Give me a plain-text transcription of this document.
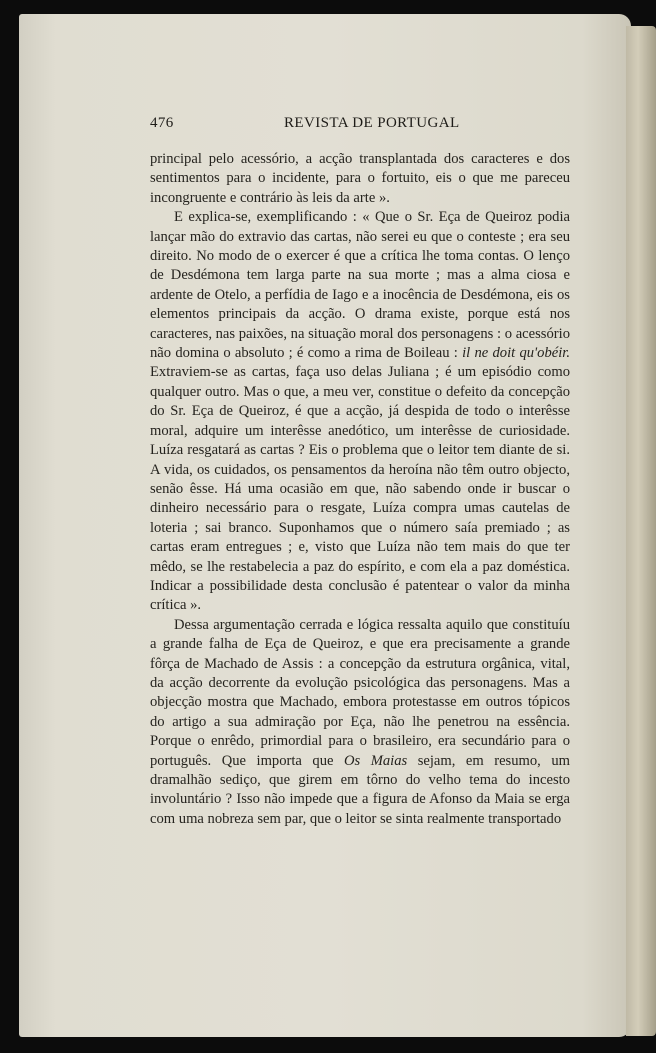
476	REVISTA DE PORTUGAL

principal pelo acessório, a acção transplantada dos caracteres e dos sentimentos para o incidente, para o fortuito, eis o que me pareceu incongruente e contrário às leis da arte ».

E explica-se, exemplificando : « Que o Sr. Eça de Queiroz podia lançar mão do extravio das cartas, não serei eu que o conteste ; era seu direito. No modo de o exercer é que a crítica lhe toma contas. O lenço de Desdémona tem larga parte na sua morte ; mas a alma ciosa e ardente de Otelo, a perfídia de Iago e a inocência de Desdémona, eis os elementos principais da acção. O drama existe, porque está nos caracteres, nas paixões, na situação moral dos personagens : o acessório não domina o absoluto ; é como a rima de Boileau : il ne doit qu'obéir. Extraviem-se as cartas, faça uso delas Juliana ; é um episódio como qualquer outro. Mas o que, a meu ver, constitue o defeito da concepção do Sr. Eça de Queiroz, é que a acção, já despida de todo o interêsse moral, adquire um interêsse anedótico, um interêsse de curiosidade. Luíza resgatará as cartas ? Eis o problema que o leitor tem diante de si. A vida, os cuidados, os pensamentos da heroína não têm outro objecto, senão êsse. Há uma ocasião em que, não sabendo onde ir buscar o dinheiro necessário para o resgate, Luíza compra umas cautelas de loteria ; sai branco. Suponhamos que o número saía premiado ; as cartas eram entregues ; e, visto que Luíza não tem mais do que ter mêdo, se lhe restabelecia a paz do espírito, e com ela a paz doméstica. Indicar a possibilidade desta conclusão é patentear o valor da minha crítica ».

Dessa argumentação cerrada e lógica ressalta aquilo que constituíu a grande falha de Eça de Queiroz, e que era precisamente a grande fôrça de Machado de Assis : a concepção da estrutura orgânica, vital, da acção decorrente da evolução psicológica das personagens. Mas a objecção mostra que Machado, embora protestasse em outros tópicos do artigo a sua admiração por Eça, não lhe penetrou na essência. Porque o enrêdo, primordial para o brasileiro, era secundário para o português. Que importa que Os Maias sejam, em resumo, um dramalhão sediço, que girem em tôrno do velho tema do incesto involuntário ? Isso não impede que a figura de Afonso da Maia se erga com uma nobreza sem par, que o leitor se sinta realmente transportado
